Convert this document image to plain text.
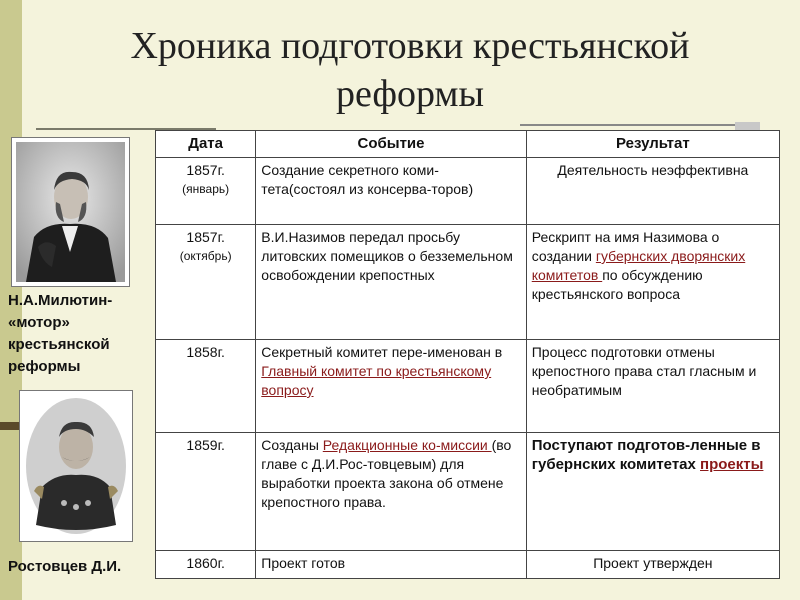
Хроника подготовки крестьянской
реформы
Н.А.Милютин-
«мотор»
крестьянской
реформы
Ростовцев Д.И.
Дата	Событие	Результат

1857г.
(январь)	Создание секретного коми-тета(состоял из консерва-торов)	Деятельность неэффективна

1857г.
(октябрь)	В.И.Назимов передал просьбу литовских помещиков о безземельном освобождении крепостных	Рескрипт на имя Назимова о создании губернских дворянских комитетов по обсуждению крестьянского вопроса

1858г.	Секретный комитет пере-именован в Главный комитет по крестьянскому вопросу	Процесс подготовки отмены крепостного права стал гласным и необратимым

1859г.	Созданы Редакционные ко-миссии (во главе с Д.И.Рос-товцевым) для выработки проекта закона об отмене крепостного права.	Поступают подготов-ленные в губернских комитетах проекты

1860г.	Проект готов	Проект утвержден
